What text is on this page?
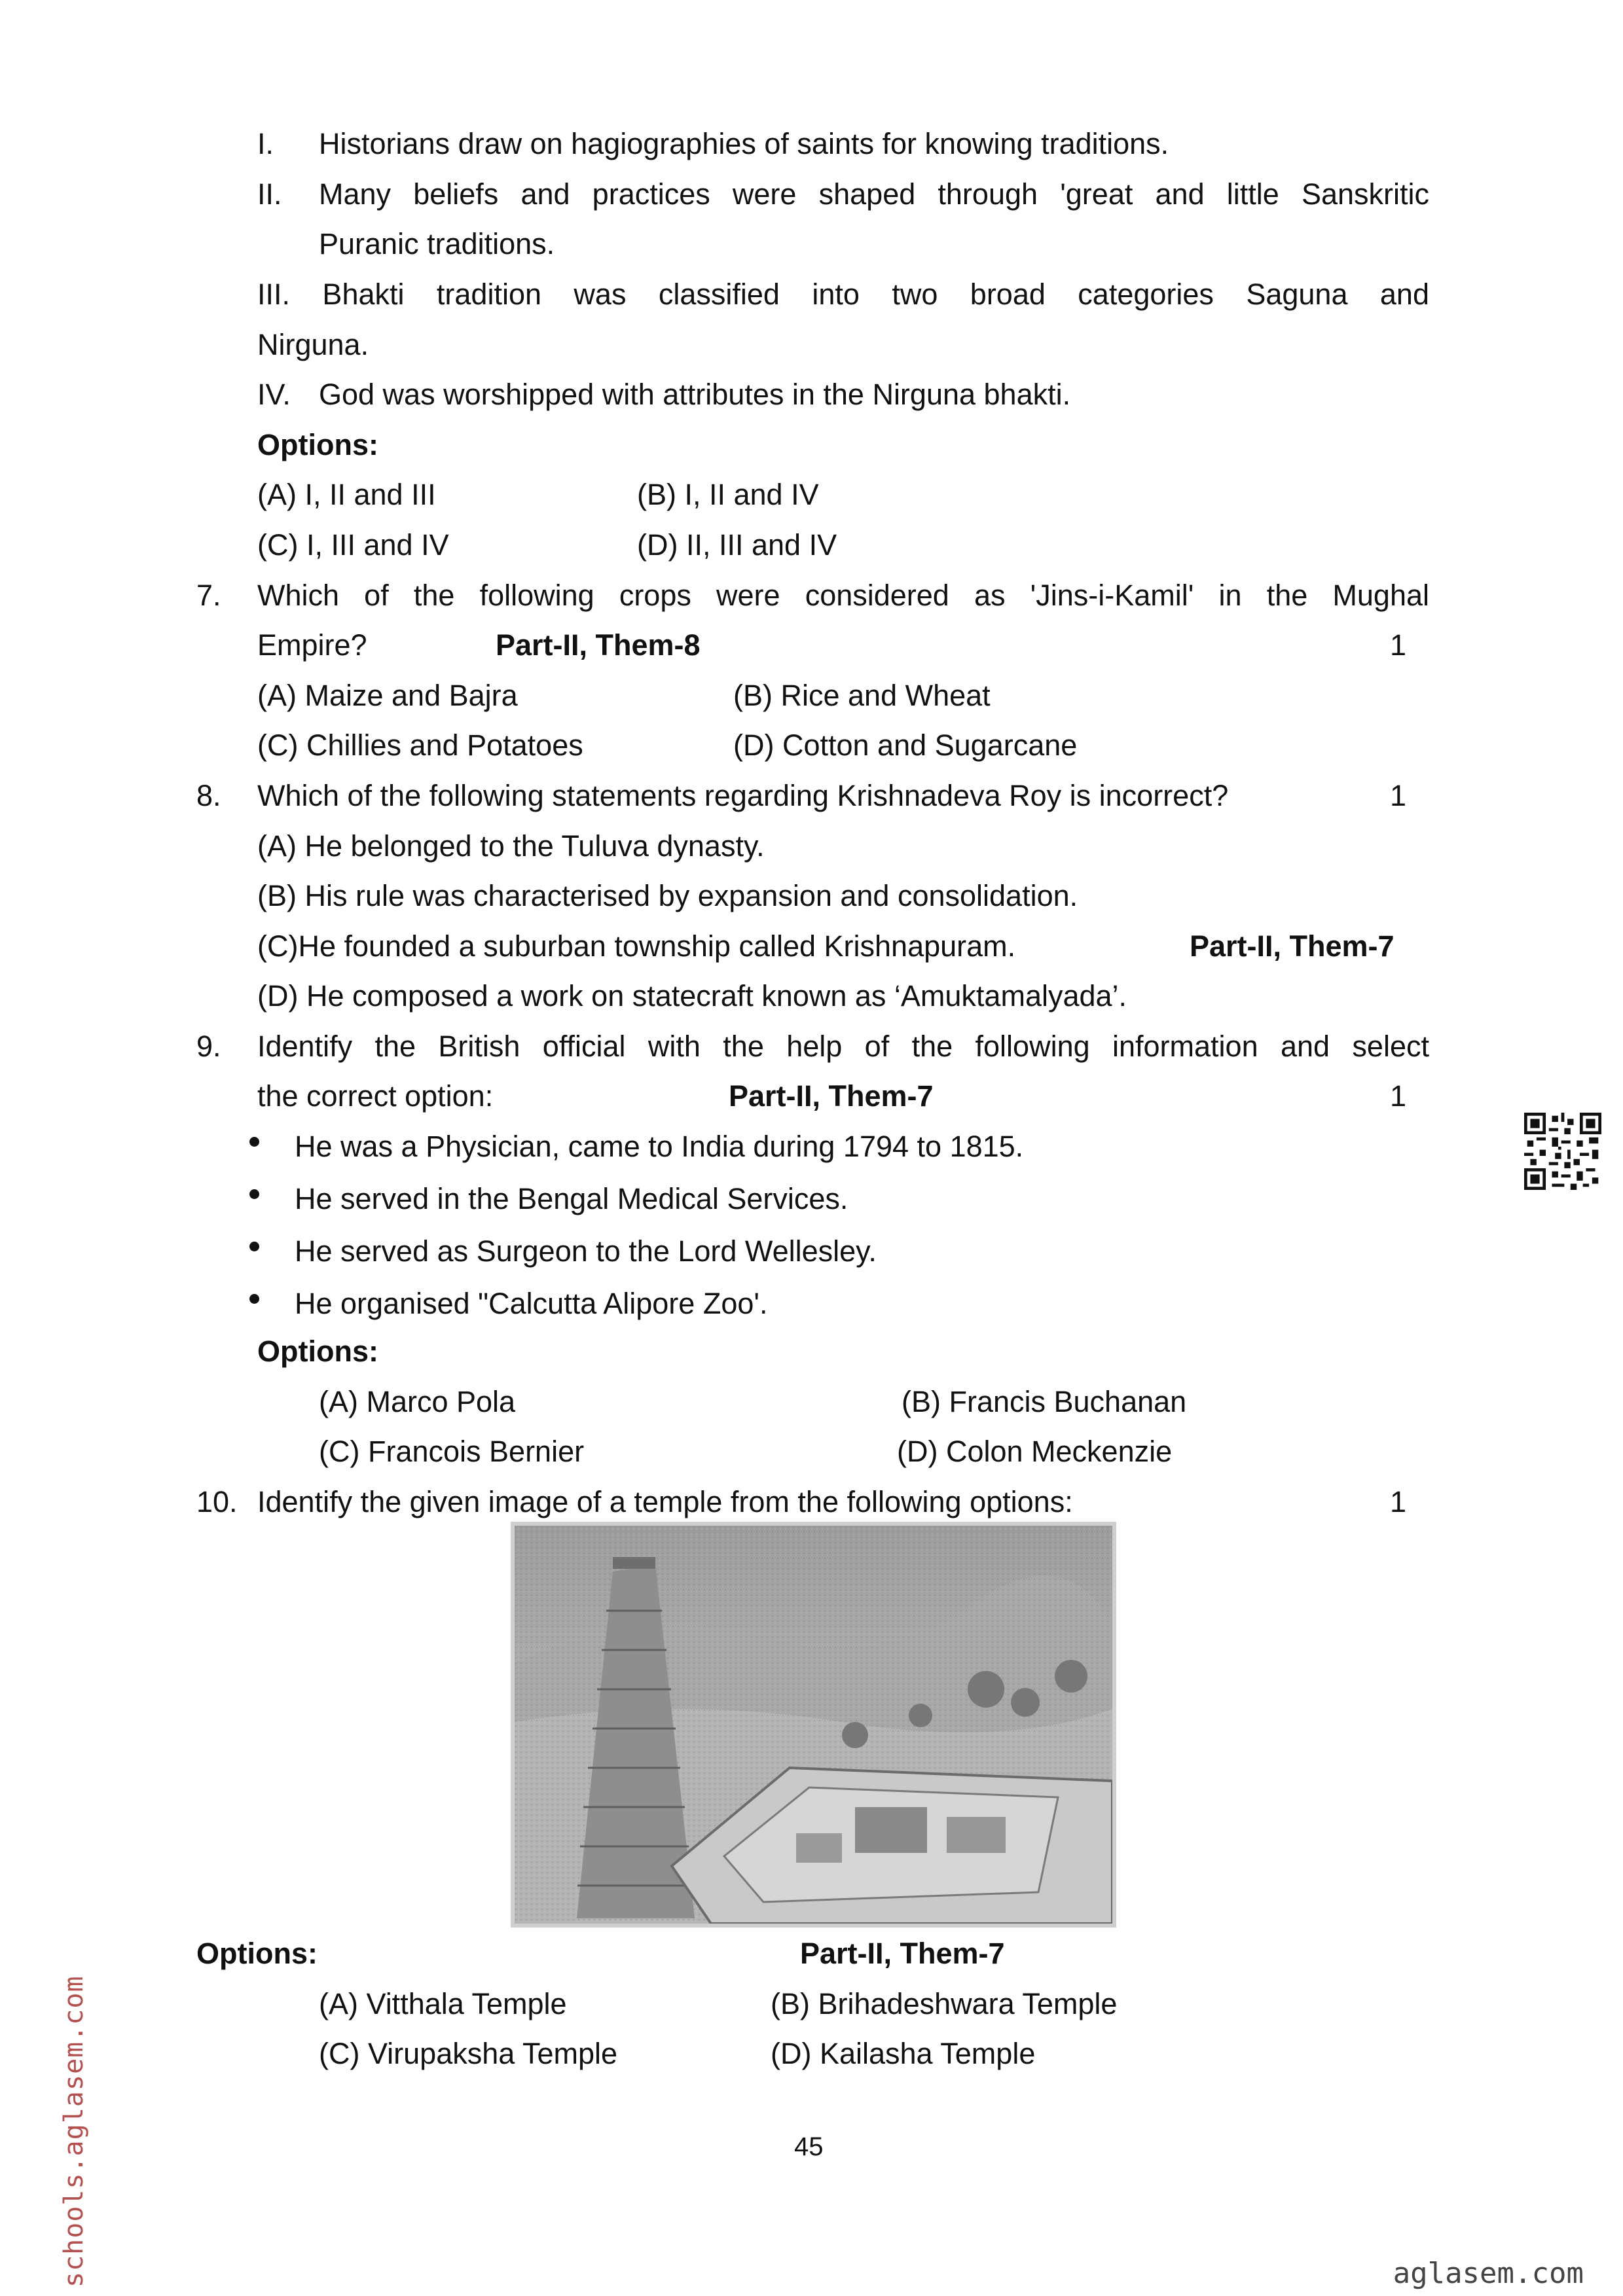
I. Historians draw on hagiographies of saints for knowing traditions.
II. Many beliefs and practices were shaped through 'great and little Sanskritic
Puranic traditions.
III. Bhakti tradition was classified into two broad categories Saguna and
Nirguna.
IV. God was worshipped with attributes in the Nirguna bhakti.
Options:
(A) I, II and III	(B) I, II and IV
(C) I, III and IV	(D) II, III and IV
7. Which of the following crops were considered as 'Jins-i-Kamil' in the Mughal
Empire?	Part-II, Them-8	1
(A) Maize and Bajra	(B) Rice and Wheat
(C) Chillies and Potatoes	(D) Cotton and Sugarcane
8. Which of the following statements regarding Krishnadeva Roy is incorrect?	1
(A) He belonged to the Tuluva dynasty.
(B) His rule was characterised by expansion and consolidation.
(C)He founded a suburban township called Krishnapuram.	Part-II, Them-7
(D) He composed a work on statecraft known as ‘Amuktamalyada’.
9. Identify the British official with the help of the following information and select
the correct option:	Part-II, Them-7	1
He was a Physician, came to India during 1794 to 1815.
He served in the Bengal Medical Services.
He served as Surgeon to the Lord Wellesley.
He organised "Calcutta Alipore Zoo'.
Options:
(A) Marco Pola	(B) Francis Buchanan
(C) Francois Bernier	(D) Colon Meckenzie
10. Identify the given image of a temple from the following options:	1
Options:	Part-II, Them-7
(A) Vitthala Temple	(B) Brihadeshwara Temple
(C) Virupaksha Temple	(D) Kailasha Temple
45
schools.aglasem.com	aglasem.com
